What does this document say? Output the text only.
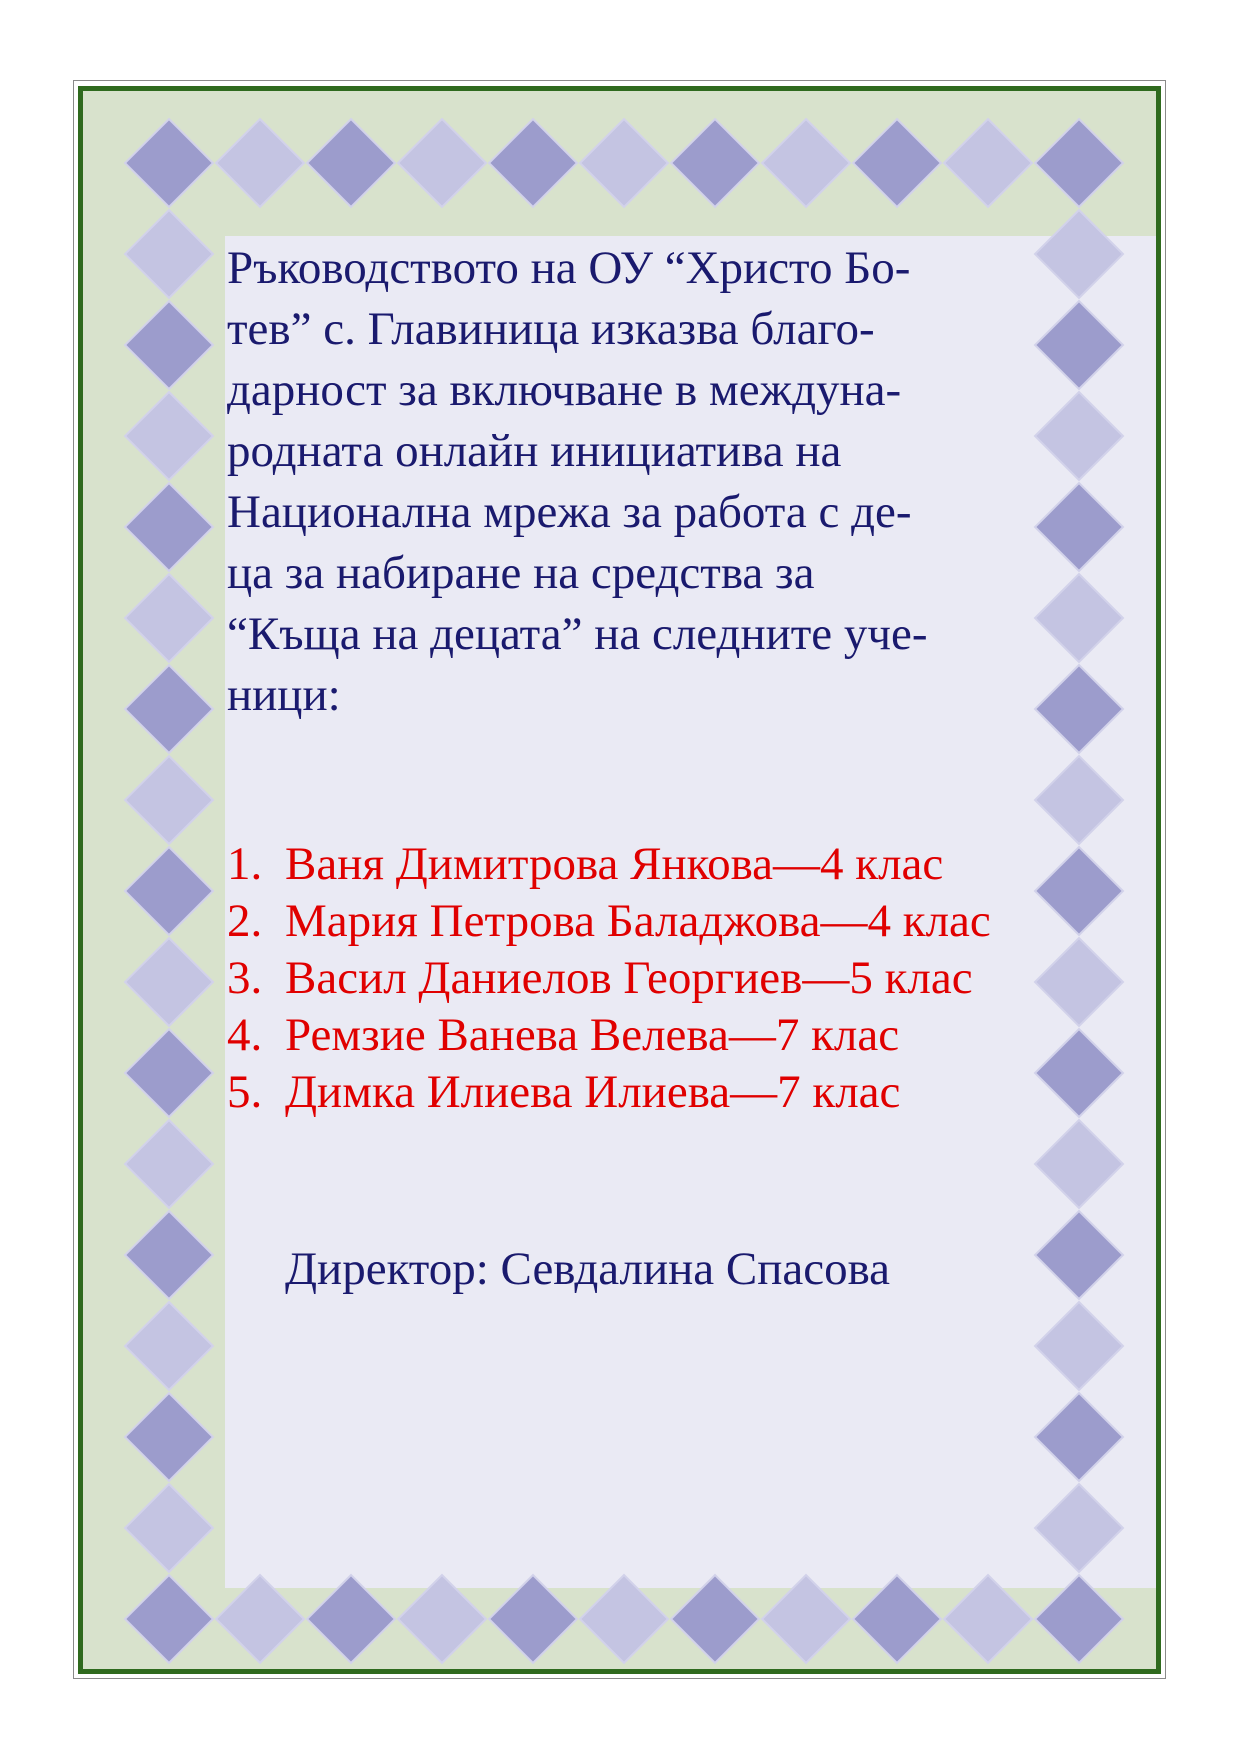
Ръководството на ОУ “Христо Бо-
тев” с. Главиница изказва благо-
дарност за включване в междуна-
родната онлайн инициатива на
Национална мрежа за работа с де-
ца за набиране на средства за
“Къща на децата” на следните уче-
ници:

1. Ваня Димитрова Янкова—4 клас
2. Мария Петрова Баладжова—4 клас
3. Васил Даниелов Георгиев—5 клас
4. Ремзие Ванева Велева—7 клас
5. Димка Илиева Илиева—7 клас
Директор: Севдалина Спасова
